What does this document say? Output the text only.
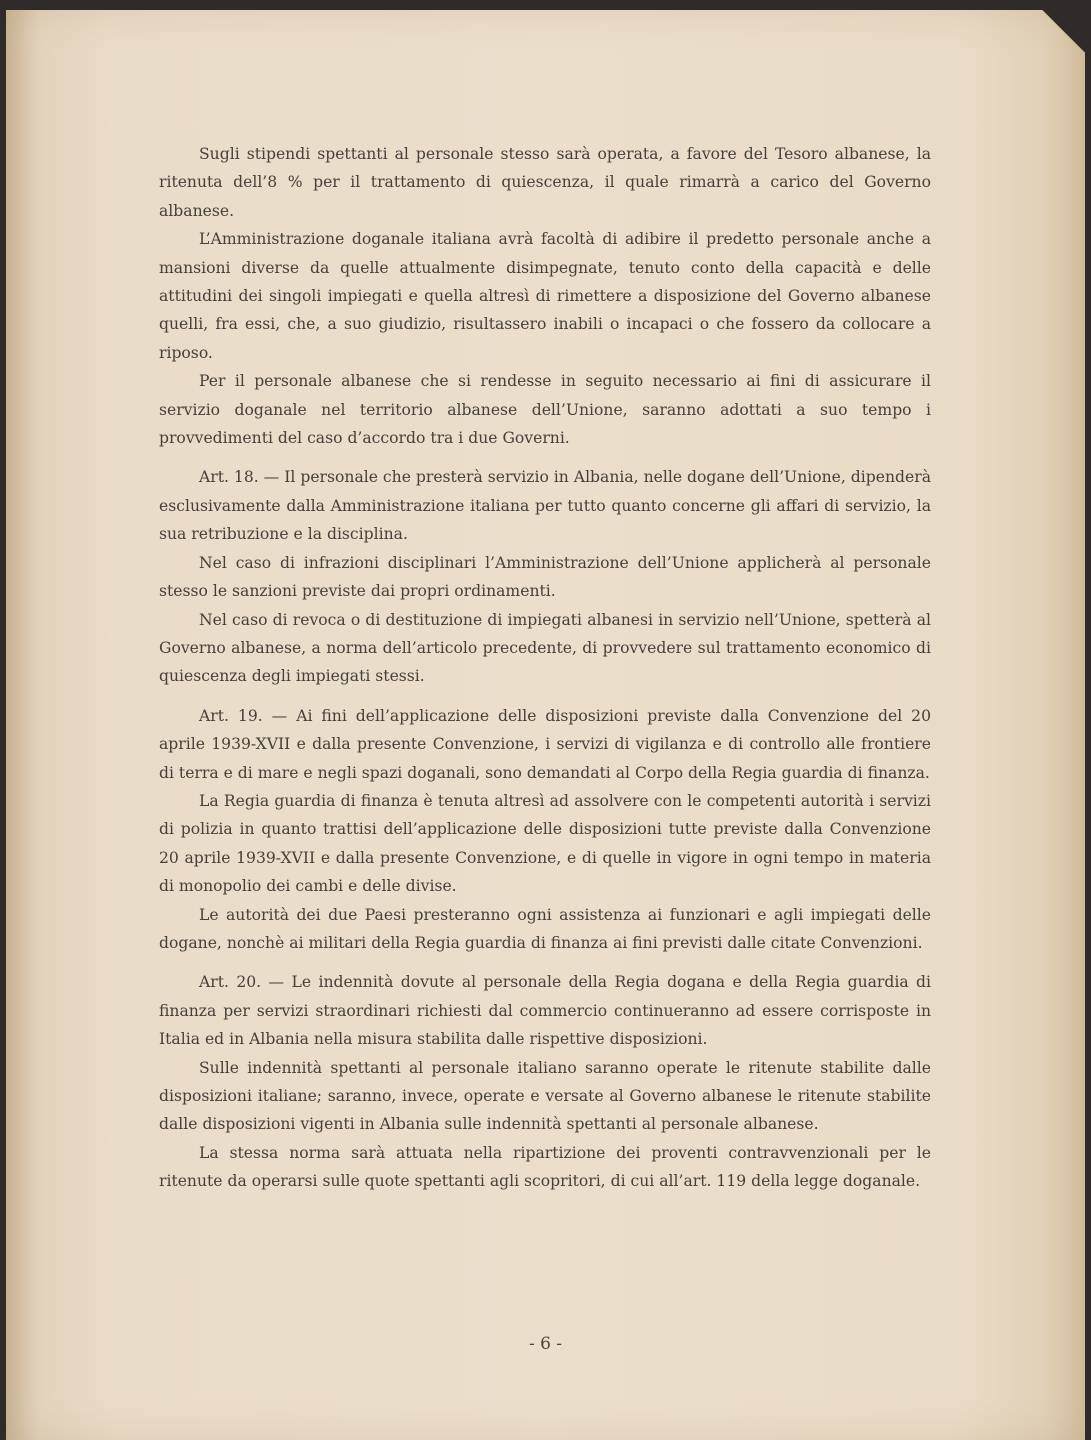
Sugli stipendi spettanti al personale stesso sarà operata, a favore del Tesoro albanese, la ritenuta dell’8 % per il trattamento di quiescenza, il quale rimarrà a carico del Governo albanese.

L’Amministrazione doganale italiana avrà facoltà di adibire il predetto personale anche a mansioni diverse da quelle attualmente disimpegnate, tenuto conto della capacità e delle attitudini dei singoli impiegati e quella altresì di rimettere a disposizione del Governo albanese quelli, fra essi, che, a suo giudizio, risultassero inabili o incapaci o che fossero da collocare a riposo.

Per il personale albanese che si rendesse in seguito necessario ai fini di assicurare il servizio doganale nel territorio albanese dell’Unione, saranno adottati a suo tempo i provvedimenti del caso d’accordo tra i due Governi.

Art. 18. — Il personale che presterà servizio in Albania, nelle dogane dell’Unione, dipenderà esclusivamente dalla Amministrazione italiana per tutto quanto concerne gli affari di servizio, la sua retribuzione e la disciplina.

Nel caso di infrazioni disciplinari l’Amministrazione dell’Unione applicherà al personale stesso le sanzioni previste dai propri ordinamenti.

Nel caso di revoca o di destituzione di impiegati albanesi in servizio nell’Unione, spetterà al Governo albanese, a norma dell’articolo precedente, di provvedere sul trattamento economico di quiescenza degli impiegati stessi.

Art. 19. — Ai fini dell’applicazione delle disposizioni previste dalla Convenzione del 20 aprile 1939-XVII e dalla presente Convenzione, i servizi di vigilanza e di controllo alle frontiere di terra e di mare e negli spazi doganali, sono demandati al Corpo della Regia guardia di finanza.

La Regia guardia di finanza è tenuta altresì ad assolvere con le competenti autorità i servizi di polizia in quanto trattisi dell’applicazione delle disposizioni tutte previste dalla Convenzione 20 aprile 1939-XVII e dalla presente Convenzione, e di quelle in vigore in ogni tempo in materia di monopolio dei cambi e delle divise.

Le autorità dei due Paesi presteranno ogni assistenza ai funzionari e agli impiegati delle dogane, nonchè ai militari della Regia guardia di finanza ai fini previsti dalle citate Convenzioni.

Art. 20. — Le indennità dovute al personale della Regia dogana e della Regia guardia di finanza per servizi straordinari richiesti dal commercio continueranno ad essere corrisposte in Italia ed in Albania nella misura stabilita dalle rispettive disposizioni.

Sulle indennità spettanti al personale italiano saranno operate le ritenute stabilite dalle disposizioni italiane; saranno, invece, operate e versate al Governo albanese le ritenute stabilite dalle disposizioni vigenti in Albania sulle indennità spettanti al personale albanese.

La stessa norma sarà attuata nella ripartizione dei proventi contravvenzionali per le ritenute da operarsi sulle quote spettanti agli scopritori, di cui all’art. 119 della legge doganale.

- 6 -
